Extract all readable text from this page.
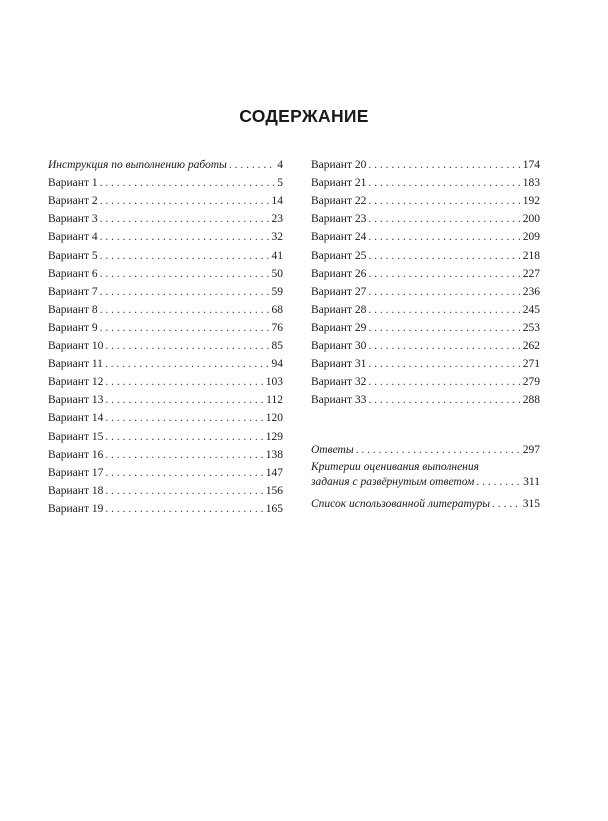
СОДЕРЖАНИЕ
Инструкция по выполнению работы . . .	4
Вариант 1 . . .	5
Вариант 2 . . .	14
Вариант 3 . . .	23
Вариант 4 . . .	32
Вариант 5 . . .	41
Вариант 6 . . .	50
Вариант 7 . . .	59
Вариант 8 . . .	68
Вариант 9 . . .	76
Вариант 10 . . .	85
Вариант 11 . . .	94
Вариант 12 . . .	103
Вариант 13 . . .	112
Вариант 14 . . .	120
Вариант 15 . . .	129
Вариант 16 . . .	138
Вариант 17 . . .	147
Вариант 18 . . .	156
Вариант 19 . . .	165
Вариант 20 . . .	174
Вариант 21 . . .	183
Вариант 22 . . .	192
Вариант 23 . . .	200
Вариант 24 . . .	209
Вариант 25 . . .	218
Вариант 26 . . .	227
Вариант 27 . . .	236
Вариант 28 . . .	245
Вариант 29 . . .	253
Вариант 30 . . .	262
Вариант 31 . . .	271
Вариант 32 . . .	279
Вариант 33 . . .	288
Ответы . . .	297
Критерии оценивания выполнения
задания с развёрнутым ответом . . .	311
Список использованной литературы . . .	315
